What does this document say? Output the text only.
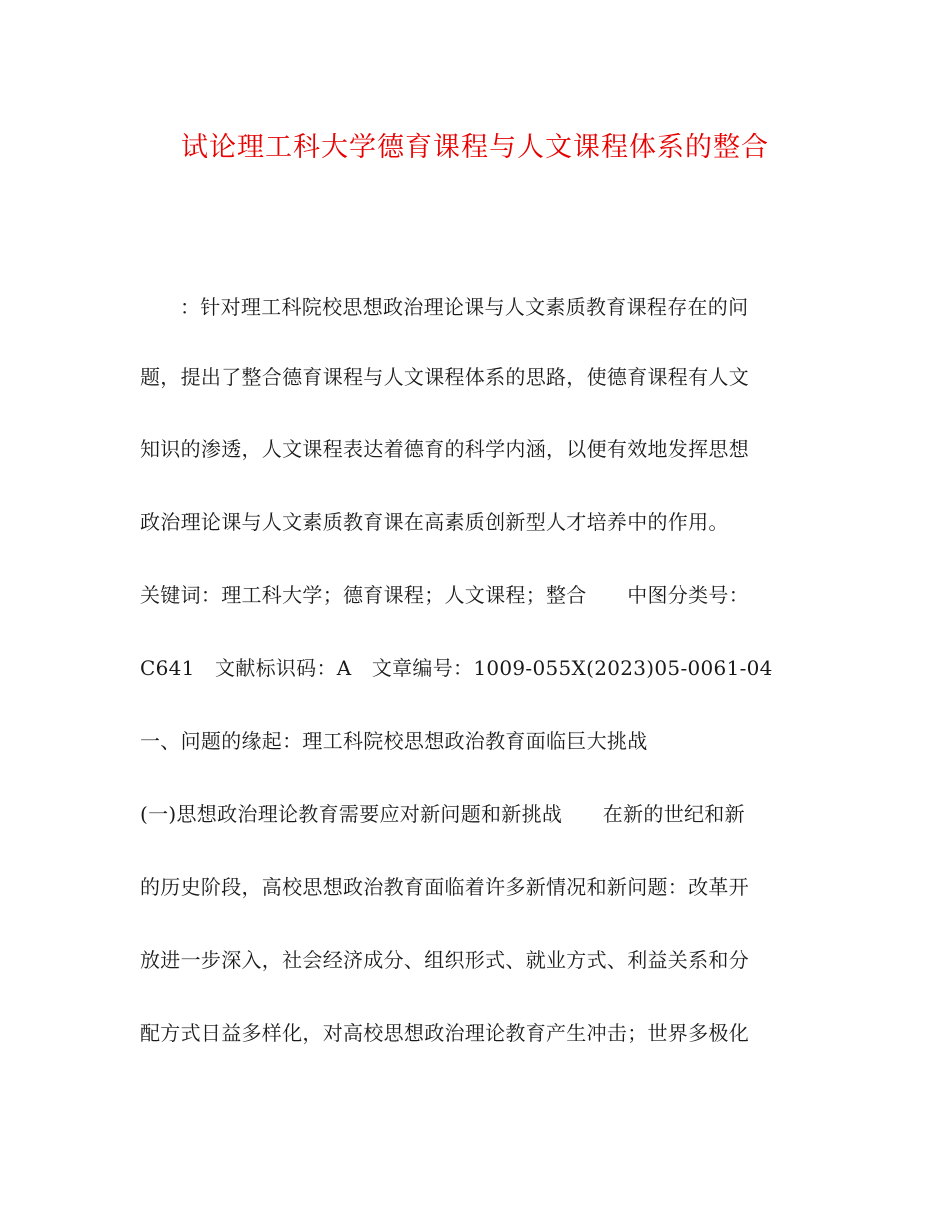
试论理工科大学德育课程与人文课程体系的整合
：针对理工科院校思想政治理论课与人文素质教育课程存在的问
题，提出了整合德育课程与人文课程体系的思路，使德育课程有人文
知识的渗透，人文课程表达着德育的科学内涵，以便有效地发挥思想
政治理论课与人文素质教育课在高素质创新型人才培养中的作用。
关键词：理工科大学；德育课程；人文课程；整合　　中图分类号：
C641　文献标识码：A　文章编号：1009-055X(2023)05-0061-04
一、问题的缘起：理工科院校思想政治教育面临巨大挑战
(一)思想政治理论教育需要应对新问题和新挑战　　在新的世纪和新
的历史阶段，高校思想政治教育面临着许多新情况和新问题：改革开
放进一步深入，社会经济成分、组织形式、就业方式、利益关系和分
配方式日益多样化，对高校思想政治理论教育产生冲击；世界多极化
